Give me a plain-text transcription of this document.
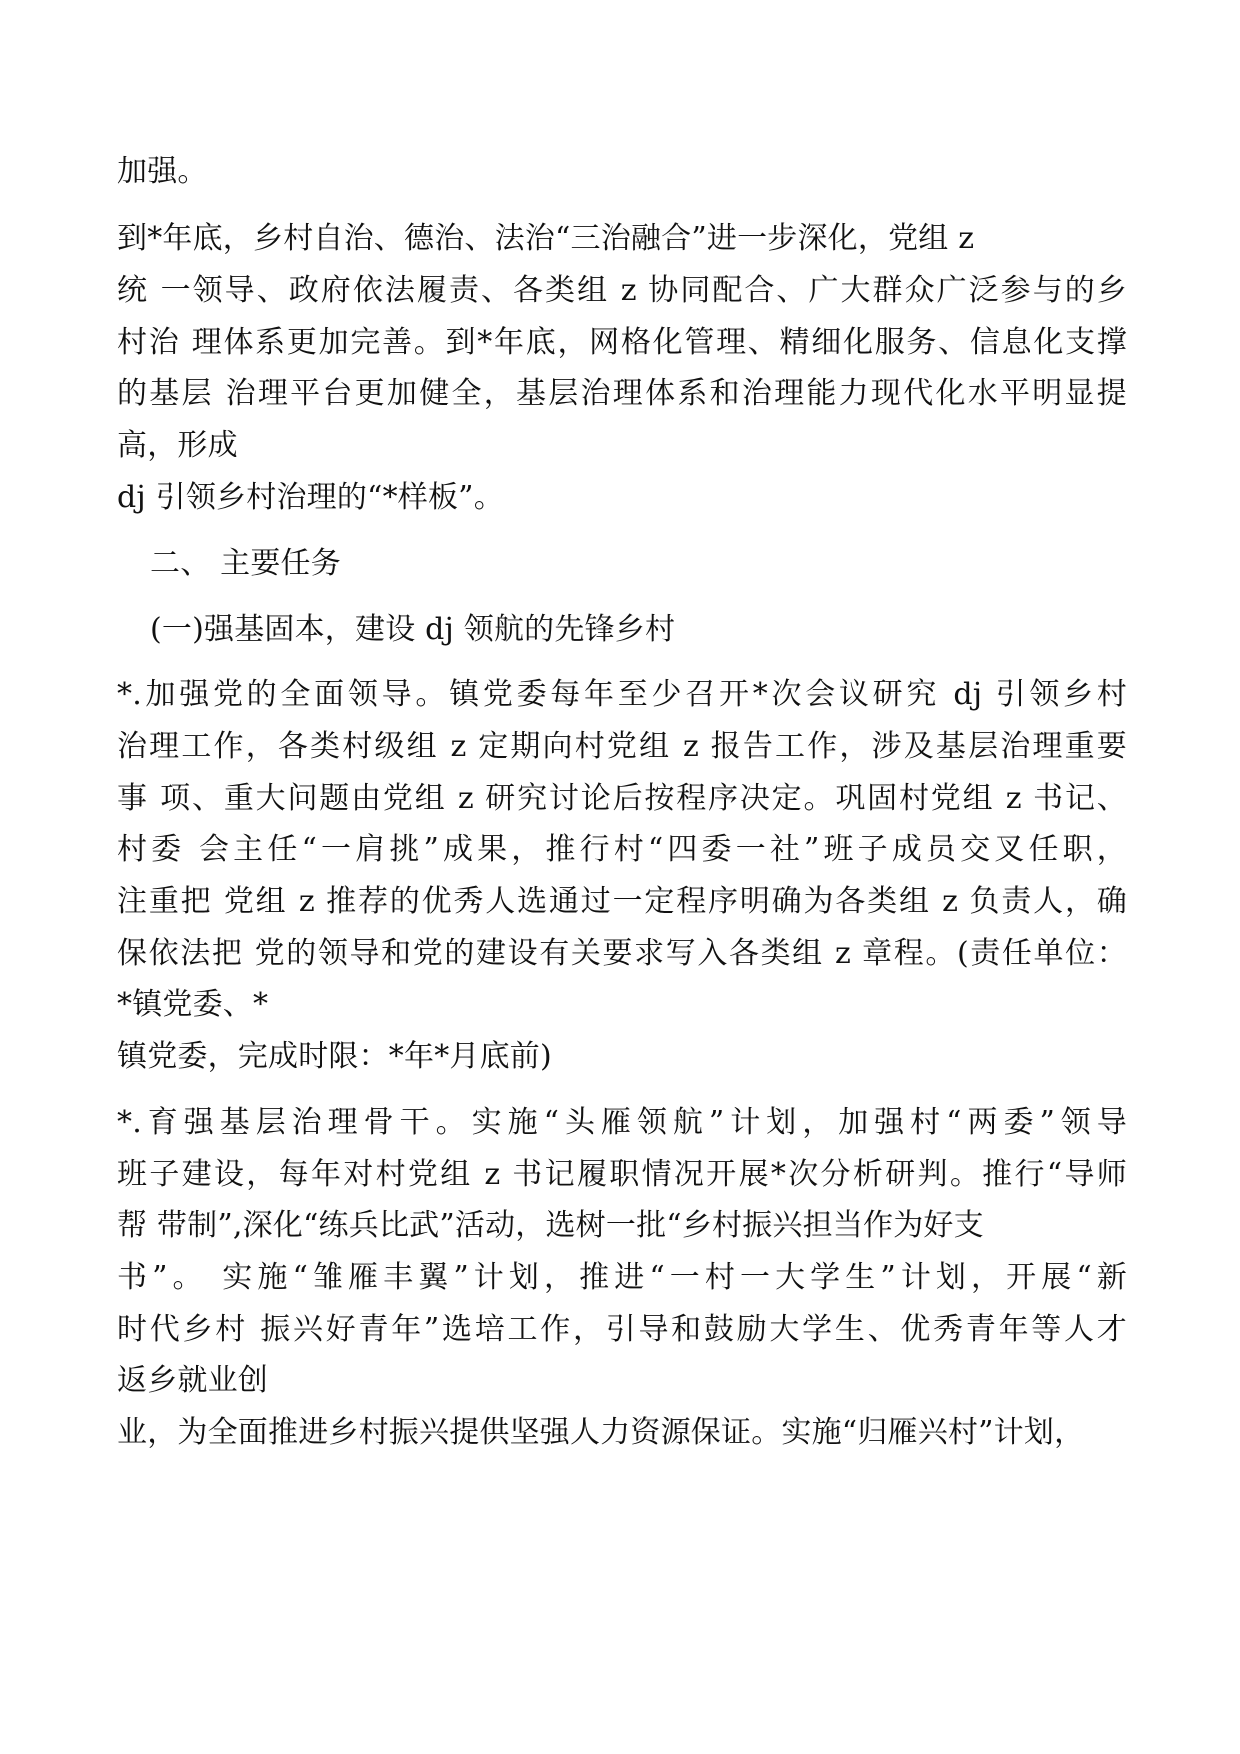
加强。
到*年底，乡村自治、德治、法治“三治融合”进一步深化，党组 z
统 一领导、政府依法履责、各类组 z 协同配合、广大群众广泛参与的乡
村治 理体系更加完善。到*年底，网格化管理、精细化服务、信息化支撑
的基层 治理平台更加健全，基层治理体系和治理能力现代化水平明显提
高，形成
dj 引领乡村治理的“*样板”。
二、 主要任务
(一)强基固本，建设 dj 领航的先锋乡村
*.加强党的全面领导。镇党委每年至少召开*次会议研究 dj 引领乡村
治理工作，各类村级组 z 定期向村党组 z 报告工作，涉及基层治理重要
事 项、重大问题由党组 z 研究讨论后按程序决定。巩固村党组 z 书记、
村委 会主任“一肩挑”成果，推行村“四委一社”班子成员交叉任职，
注重把 党组 z 推荐的优秀人选通过一定程序明确为各类组 z 负责人，确
保依法把 党的领导和党的建设有关要求写入各类组 z 章程。(责任单位：
*镇党委、*
镇党委，完成时限：*年*月底前)
*.育强基层治理骨干。实施“头雁领航”计划，加强村“两委”领导
班子建设，每年对村党组 z 书记履职情况开展*次分析研判。推行“导师
帮 带制”,深化“练兵比武”活动，选树一批“乡村振兴担当作为好支
书”。 实施“雏雁丰翼”计划，推进“一村一大学生”计划，开展“新
时代乡村 振兴好青年”选培工作，引导和鼓励大学生、优秀青年等人才
返乡就业创
业，为全面推进乡村振兴提供坚强人力资源保证。实施“归雁兴村”计划，
